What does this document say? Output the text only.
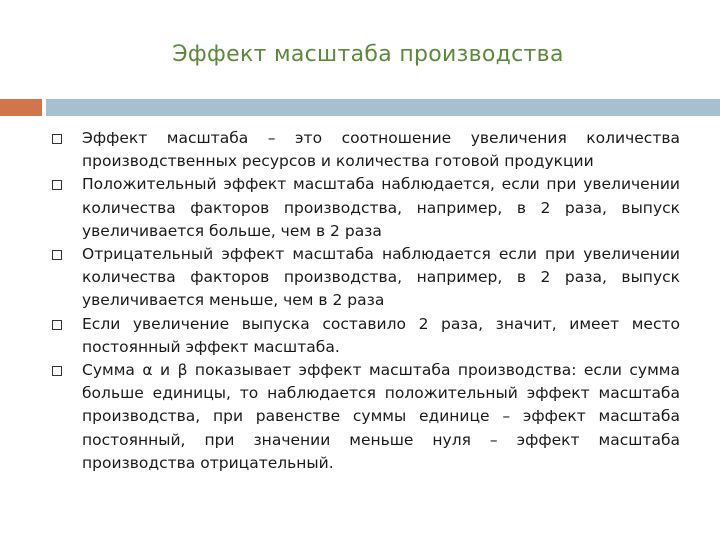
Эффект масштаба производства
Эффект масштаба – это соотношение увеличения количества производственных ресурсов и количества готовой продукции
Положительный эффект масштаба наблюдается, если при увеличении количества факторов производства, например, в 2 раза, выпуск увеличивается больше, чем в 2 раза
Отрицательный эффект масштаба наблюдается если при увеличении количества факторов производства, например, в 2 раза, выпуск увеличивается меньше, чем в 2 раза
Если увеличение выпуска составило 2 раза, значит, имеет место постоянный эффект масштаба.
Сумма α и β показывает эффект масштаба производства: если сумма больше единицы, то наблюдается положительный эффект масштаба производства, при равенстве суммы единице – эффект масштаба постоянный, при значении меньше нуля – эффект масштаба производства отрицательный.
